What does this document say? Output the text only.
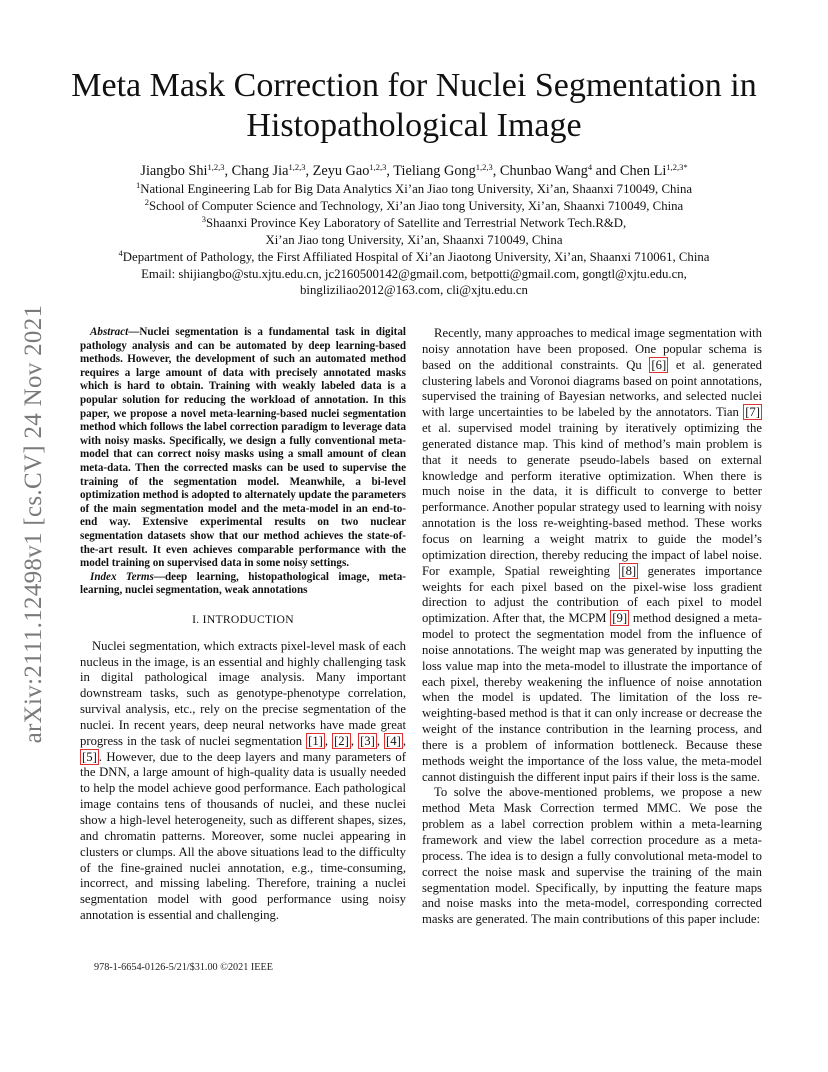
arXiv:2111.12498v1 [cs.CV] 24 Nov 2021
Meta Mask Correction for Nuclei Segmentation in Histopathological Image
Jiangbo Shi$^{1,2,3}$, Chang Jia$^{1,2,3}$, Zeyu Gao$^{1,2,3}$, Tieliang Gong$^{1,2,3}$, Chunbao Wang$^4$ and Chen $Li^{1,2,3*}$
$^1$National Engineering Lab for Big Data Analytics Xi’an Jiao tong University, Xi’an, Shaanxi 710049, China
$^2$School of Computer Science and Technology, Xi’an Jiao tong University, Xi’an, Shaanxi 710049, China
$^3$Shaanxi Province Key Laboratory of Satellite and Terrestrial Network Tech.R&D,
Xi’an Jiao tong University, Xi’an, Shaanxi 710049, China
$^4$Department of Pathology, the First Affiliated Hospital of Xi’an Jiaotong University, Xi’an, Shaanxi 710061, China
Email: shijiangbo@stu.xjtu.edu.cn, jc2160500142@gmail.com, betpotti@gmail.com, gongtl@xjtu.edu.cn,
bingliziliao2012@163.com, cli@xjtu.edu.cn

Abstract—Nuclei segmentation is a fundamental task in digital pathology analysis and can be automated by deep learning-based methods. However, the development of such an automated method requires a large amount of data with precisely annotated masks which is hard to obtain. Training with weakly labeled data is a popular solution for reducing the workload of annotation. In this paper, we propose a novel meta-learning-based nuclei segmentation method which follows the label correction paradigm to leverage data with noisy masks. Specifically, we design a fully conventional meta-model that can correct noisy masks using a small amount of clean meta-data. Then the corrected masks can be used to supervise the training of the segmentation model. Meanwhile, a bi-level optimization method is adopted to alternately update the parameters of the main segmentation model and the meta-model in an end-to-end way. Extensive experimental results on two nuclear segmentation datasets show that our method achieves the state-of-the-art result. It even achieves comparable performance with the model training on supervised data in some noisy settings.

Index Terms—deep learning, histopathological image, meta-learning, nuclei segmentation, weak annotations
I. INTRODUCTION

Nuclei segmentation, which extracts pixel-level mask of each nucleus in the image, is an essential and highly challenging task in digital pathological image analysis. Many important downstream tasks, such as genotype-phenotype correlation, survival analysis, etc., rely on the precise segmentation of the nuclei. In recent years, deep neural networks have made great progress in the task of nuclei segmentation [1] , [2] , [3] , [4] , [5] . However, due to the deep layers and many parameters of the DNN, a large amount of high-quality data is usually needed to help the model achieve good performance. Each pathological image contains tens of thousands of nuclei, and these nuclei show a high-level heterogeneity, such as different shapes, sizes, and chromatin patterns. Moreover, some nuclei appearing in clusters or clumps. All the above situations lead to the difficulty of the fine-grained nuclei annotation, e.g., time-consuming, incorrect, and missing labeling. Therefore, training a nuclei segmentation model with good performance using noisy annotation is essential and challenging.

Recently, many approaches to medical image segmentation with noisy annotation have been proposed. One popular schema is based on the additional constraints. Qu [6] et al. generated clustering labels and Voronoi diagrams based on point annotations, supervised the training of Bayesian networks, and selected nuclei with large uncertainties to be labeled by the annotators. Tian [7] et al. supervised model training by iteratively optimizing the generated distance map. This kind of method’s main problem is that it needs to generate pseudo-labels based on external knowledge and perform iterative optimization. When there is much noise in the data, it is difficult to converge to better performance. Another popular strategy used to learning with noisy annotation is the loss re-weighting-based method. These works focus on learning a weight matrix to guide the model’s optimization direction, thereby reducing the impact of label noise. For example, Spatial reweighting [8] generates importance weights for each pixel based on the pixel-wise loss gradient direction to adjust the contribution of each pixel to model optimization. After that, the MCPM [9] method designed a meta-model to protect the segmentation model from the influence of noise annotations. The weight map was generated by inputting the loss value map into the meta-model to illustrate the importance of each pixel, thereby weakening the influence of noise annotation when the model is updated. The limitation of the loss re-weighting-based method is that it can only increase or decrease the weight of the instance contribution in the learning process, and there is a problem of information bottleneck. Because these methods weight the importance of the loss value, the meta-model cannot distinguish the different input pairs if their loss is the same.

To solve the above-mentioned problems, we propose a new method Meta Mask Correction termed MMC. We pose the problem as a label correction problem within a meta-learning framework and view the label correction procedure as a meta-process. The idea is to design a fully convolutional meta-model to correct the noise mask and supervise the training of the main segmentation model. Specifically, by inputting the feature maps and noise masks into the meta-model, corresponding corrected masks are generated. The main contributions of this paper include:

978-1-6654-0126-5/21/$31.00 ©2021 IEEE
